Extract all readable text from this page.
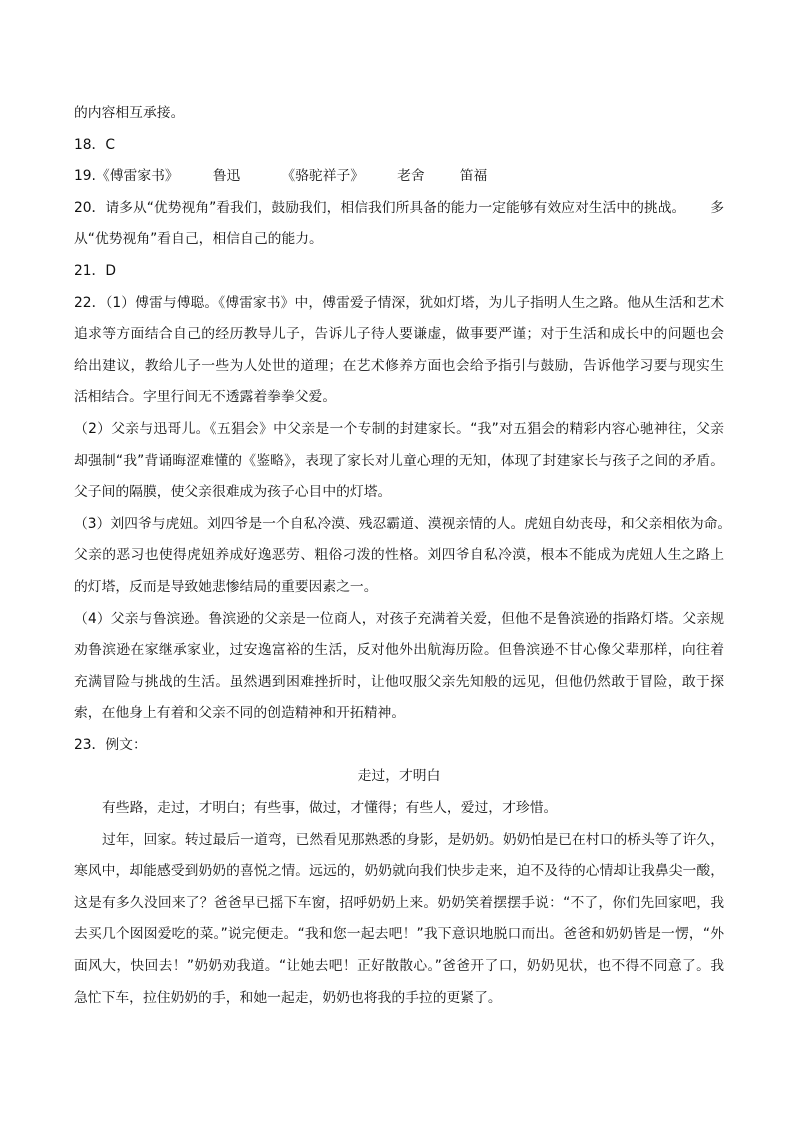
的内容相互承接。
18．C
19. 《傅雷家书》 鲁迅	《骆驼祥子》 老舍	笛福
20．请多从“优势视角”看我们，鼓励我们，相信我们所具备的能力一定能够有效应对生活中的挑战。 多
从“优势视角”看自己，相信自己的能力。
21．D
22．（1）傅雷与傅聪。《傅雷家书》中，傅雷爱子情深，犹如灯塔，为儿子指明人生之路。他从生活和艺术
追求等方面结合自己的经历教导儿子，告诉儿子待人要谦虚，做事要严谨；对于生活和成长中的问题也会
给出建议，教给儿子一些为人处世的道理；在艺术修养方面也会给予指引与鼓励，告诉他学习要与现实生
活相结合。字里行间无不透露着拳拳父爱。
（2）父亲与迅哥儿。《五猖会》中父亲是一个专制的封建家长。“我”对五猖会的精彩内容心驰神往，父亲
却强制“我”背诵晦涩难懂的《鉴略》，表现了家长对儿童心理的无知，体现了封建家长与孩子之间的矛盾。
父子间的隔膜，使父亲很难成为孩子心目中的灯塔。
（3）刘四爷与虎妞。刘四爷是一个自私冷漠、残忍霸道、漠视亲情的人。虎妞自幼丧母，和父亲相依为命。
父亲的恶习也使得虎妞养成好逸恶劳、粗俗刁泼的性格。刘四爷自私冷漠，根本不能成为虎妞人生之路上
的灯塔，反而是导致她悲惨结局的重要因素之一。
（4）父亲与鲁滨逊。鲁滨逊的父亲是一位商人，对孩子充满着关爱，但他不是鲁滨逊的指路灯塔。父亲规
劝鲁滨逊在家继承家业，过安逸富裕的生活，反对他外出航海历险。但鲁滨逊不甘心像父辈那样，向往着
充满冒险与挑战的生活。虽然遇到困难挫折时，让他叹服父亲先知般的远见，但他仍然敢于冒险，敢于探
索，在他身上有着和父亲不同的创造精神和开拓精神。
23．例文：
走过，才明白
有些路，走过，才明白；有些事，做过，才懂得；有些人，爱过，才珍惜。
过年，回家。转过最后一道弯，已然看见那熟悉的身影，是奶奶。奶奶怕是已在村口的桥头等了许久，
寒风中，却能感受到奶奶的喜悦之情。远远的，奶奶就向我们快步走来，迫不及待的心情却让我鼻尖一酸，
这是有多久没回来了？爸爸早已摇下车窗，招呼奶奶上来。奶奶笑着摆摆手说：“不了，你们先回家吧，我
去买几个囡囡爱吃的菜。”说完便走。“我和您一起去吧！”我下意识地脱口而出。爸爸和奶奶皆是一愣，“外
面风大，快回去！”奶奶劝我道。“让她去吧！正好散散心。”爸爸开了口，奶奶见状，也不得不同意了。我
急忙下车，拉住奶奶的手，和她一起走，奶奶也将我的手拉的更紧了。
